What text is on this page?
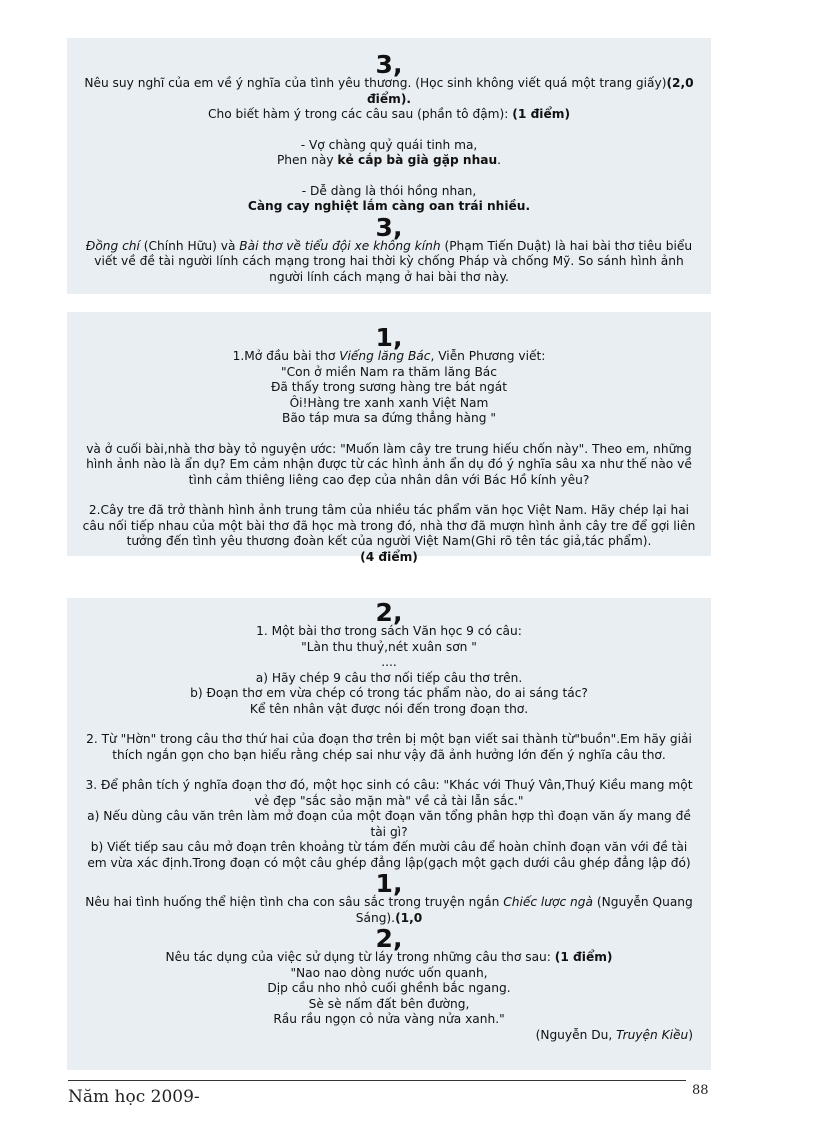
3,

Nêu suy nghĩ của em về ý nghĩa của tình yêu thương. (Học sinh không viết quá một trang giấy)(2,0 điểm).

Cho biết hàm ý trong các câu sau (phần tô đậm): (1 điểm)

- Vợ chàng quỷ quái tinh ma,

Phen này kẻ cắp bà già gặp nhau.

- Dễ dàng là thói hồng nhan,

Càng cay nghiệt lắm càng oan trái nhiều.

3,

Đồng chí (Chính Hữu) và Bài thơ về tiểu đội xe không kính (Phạm Tiến Duật) là hai bài thơ tiêu biểu viết về đề tài người lính cách mạng trong hai thời kỳ chống Pháp và chống Mỹ. So sánh hình ảnh người lính cách mạng ở hai bài thơ này.

1,

1.Mở đầu bài thơ Viếng lăng Bác, Viễn Phương viết:

"Con ở miền Nam ra thăm lăng Bác

Đã thấy trong sương hàng tre bát ngát

Ôi!Hàng tre xanh xanh Việt Nam

Bão táp mưa sa đứng thẳng hàng "

và ở cuối bài,nhà thơ bày tỏ nguyện ước: "Muốn làm cây tre trung hiếu chốn này". Theo em, những hình ảnh nào là ẩn dụ? Em cảm nhận được từ các hình ảnh ẩn dụ đó ý nghĩa sâu xa như thế nào về tình cảm thiêng liêng cao đẹp của nhân dân với Bác Hồ kính yêu?

2.Cây tre đã trở thành hình ảnh trung tâm của nhiều tác phẩm văn học Việt Nam. Hãy chép lại hai câu nối tiếp nhau của một bài thơ đã học mà trong đó, nhà thơ đã mượn hình ảnh cây tre để gợi liên tưởng đến tình yêu thương đoàn kết của người Việt Nam(Ghi rõ tên tác giả,tác phẩm).

(4 điểm)

2,

1. Một bài thơ trong sách Văn học 9 có câu:

"Làn thu thuỷ,nét xuân sơn "

....

a) Hãy chép 9 câu thơ nối tiếp câu thơ trên.

b) Đoạn thơ em vừa chép có trong tác phẩm nào, do ai sáng tác?

Kể tên nhân vật được nói đến trong đoạn thơ.

2. Từ "Hờn" trong câu thơ thứ hai của đoạn thơ trên bị một bạn viết sai thành từ"buồn".Em hãy giải thích ngắn gọn cho bạn hiểu rằng chép sai như vậy đã ảnh hưởng lớn đến ý nghĩa câu thơ.

3. Để phân tích ý nghĩa đoạn thơ đó, một học sinh có câu: "Khác với Thuý Vân,Thuý Kiều mang một vẻ đẹp "sắc sảo mặn mà" về cả tài lẫn sắc."

a) Nếu dùng câu văn trên làm mở đoạn của một đoạn văn tổng phân hợp thì đoạn văn ấy mang đề tài gì?

b) Viết tiếp sau câu mở đoạn trên khoảng từ tám đến mười câu để hoàn chỉnh đoạn văn với đề tài em vừa xác định.Trong đoạn có một câu ghép đẳng lập(gạch một gạch dưới câu ghép đẳng lập đó)

1,

Nêu hai tình huống thể hiện tình cha con sâu sắc trong truyện ngắn Chiếc lược ngà (Nguyễn Quang Sáng).(1,0

2,

Nêu tác dụng của việc sử dụng từ láy trong những câu thơ sau: (1 điểm)

"Nao nao dòng nước uốn quanh,

Dịp cầu nho nhỏ cuối ghềnh bắc ngang.

Sè sè nấm đất bên đường,

Rầu rầu ngọn cỏ nửa vàng nửa xanh."

(Nguyễn Du, Truyện Kiều)

Năm học 2009-	88
